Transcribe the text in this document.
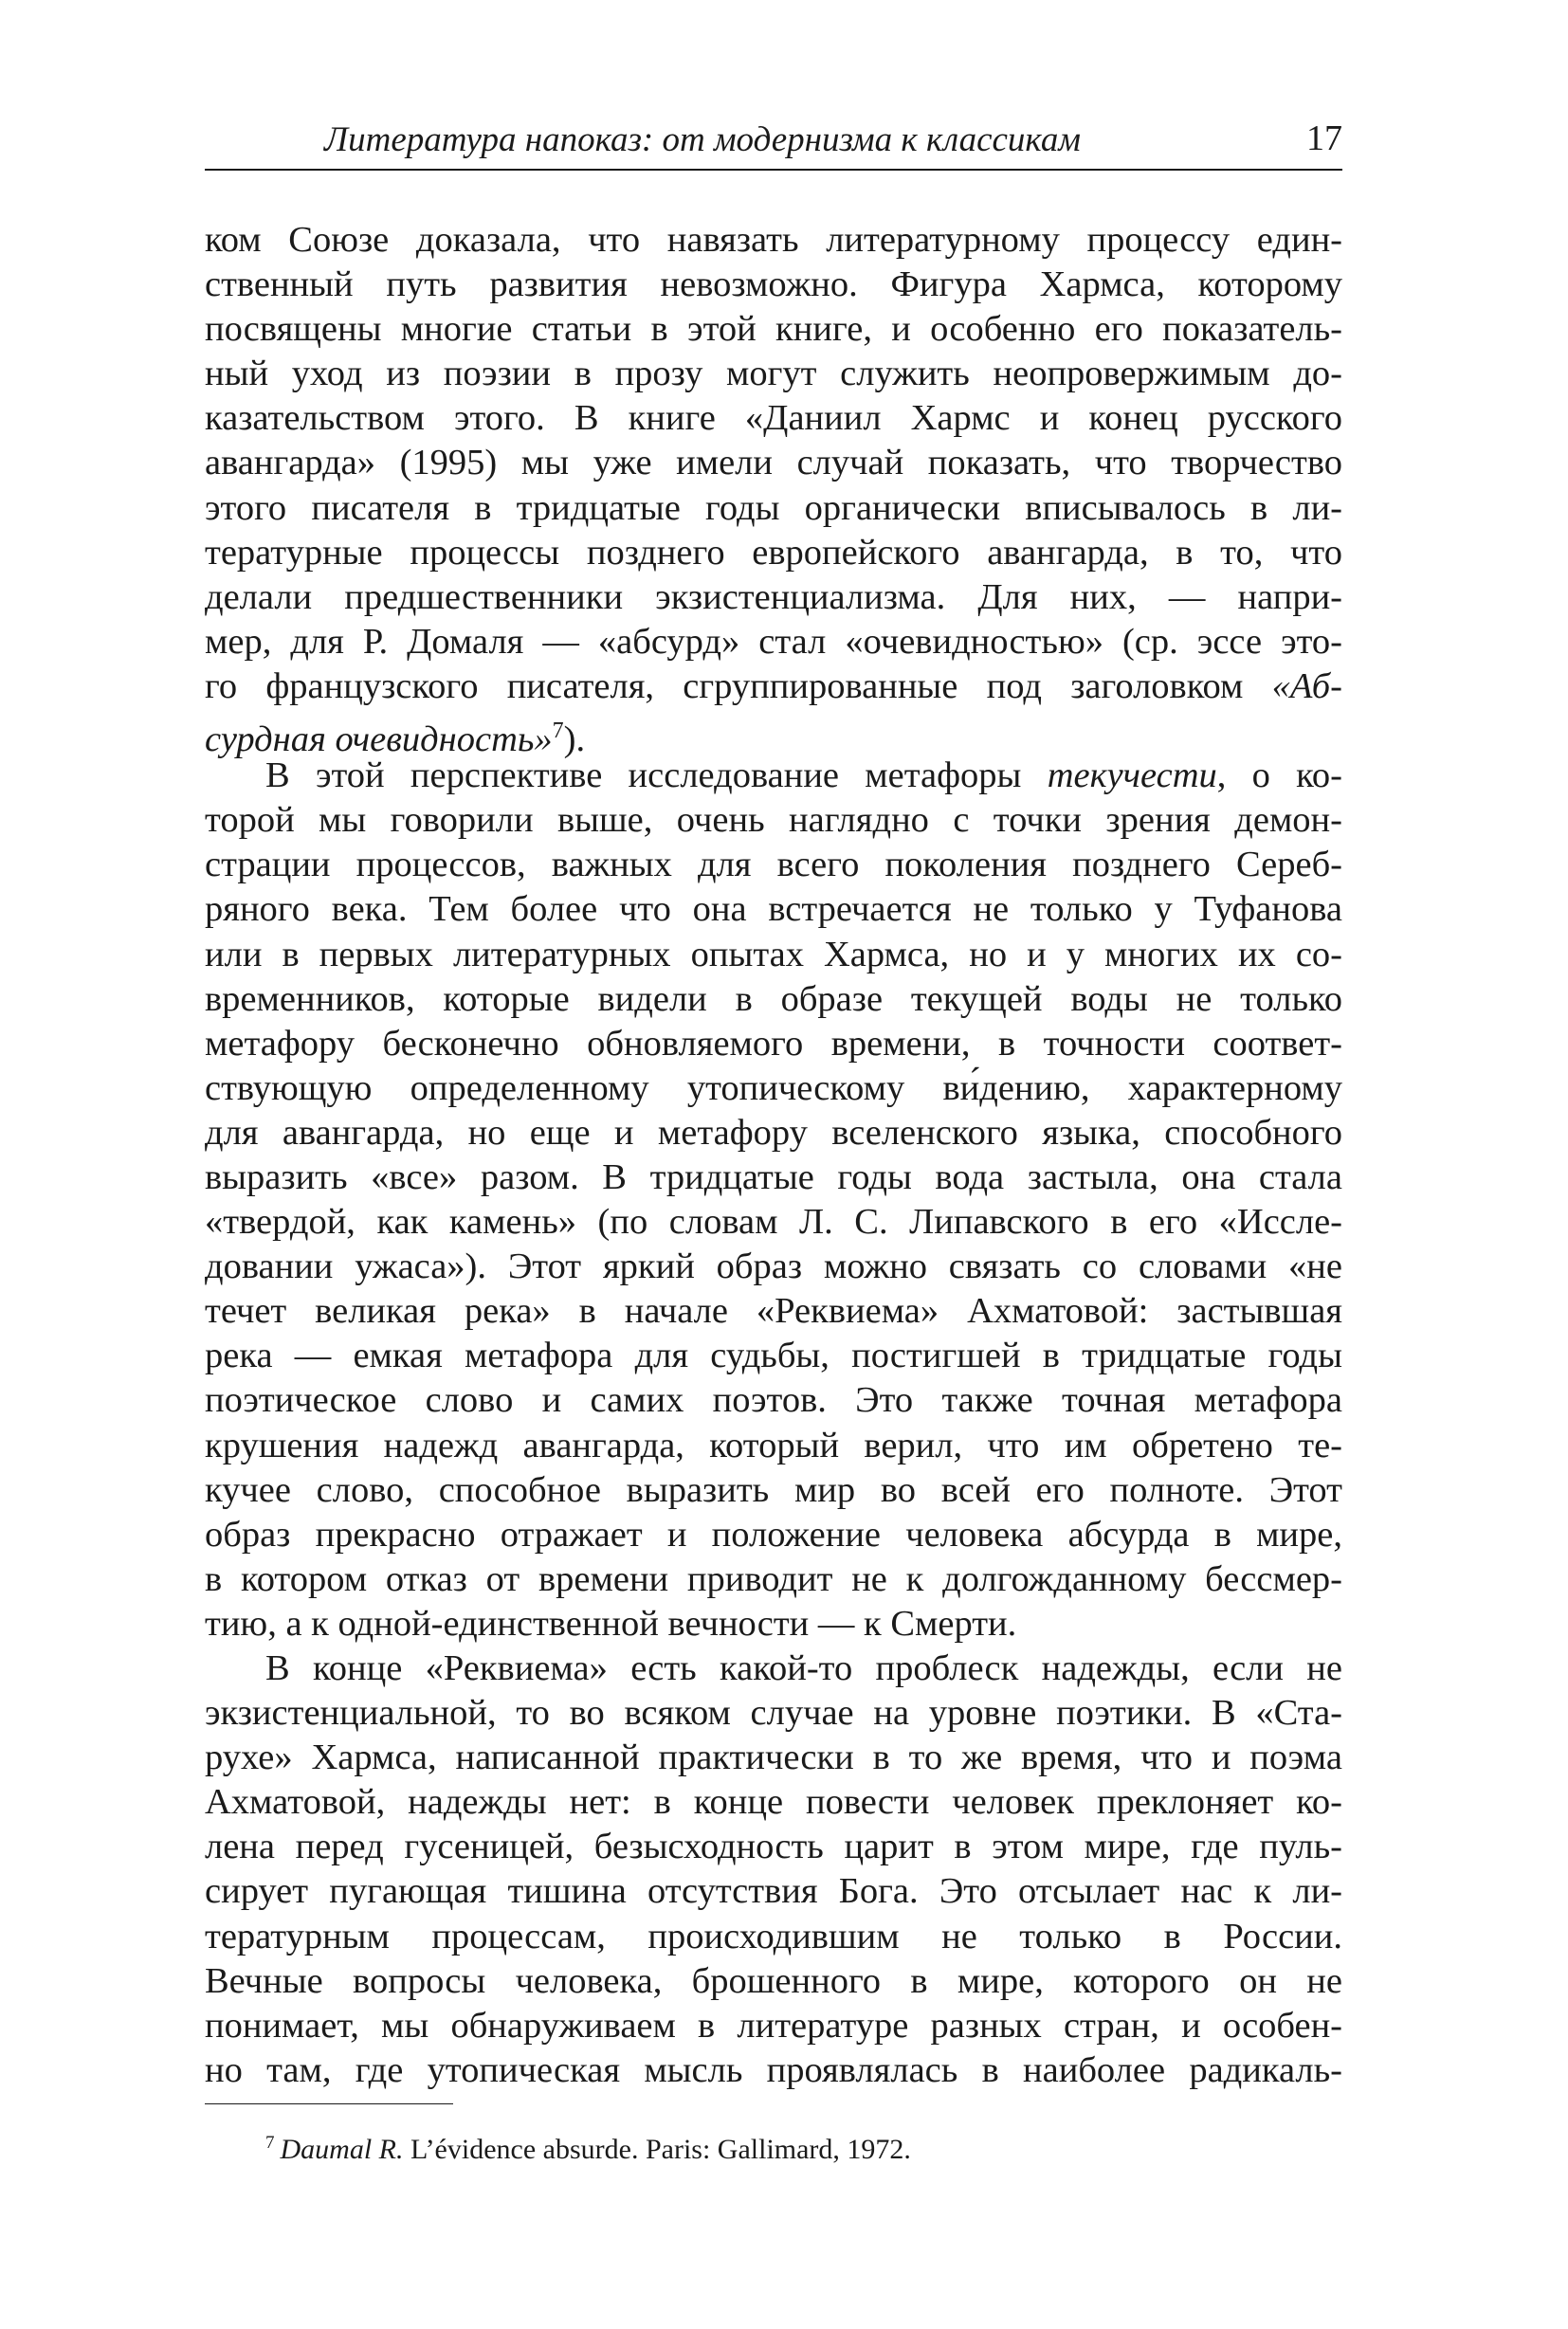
Литература напоказ: от модернизма к классикам	17
ком Союзе доказала, что навязать литературному процессу един-
ственный путь развития невозможно. Фигура Хармса, которому
посвящены многие статьи в этой книге, и особенно его показатель-
ный уход из поэзии в прозу могут служить неопровержимым до-
казательством этого. В книге «Даниил Хармс и конец русского
авангарда» (1995) мы уже имели случай показать, что творчество
этого писателя в тридцатые годы органически вписывалось в ли-
тературные процессы позднего европейского авангарда, в то, что
делали предшественники экзистенциализма. Для них, — напри-
мер, для Р. Домаля — «абсурд» стал «очевидностью» (ср. эссе это-
го французского писателя, сгруппированные под заголовком «Аб-
сурдная очевидность»$^7$).
В этой перспективе исследование метафоры текучести, о ко-
торой мы говорили выше, очень наглядно с точки зрения демон-
страции процессов, важных для всего поколения позднего Сереб-
ряного века. Тем более что она встречается не только у Туфанова
или в первых литературных опытах Хармса, но и у многих их со-
временников, которые видели в образе текущей воды не только
метафору бесконечно обновляемого времени, в точности соответ-
ствующую определенному утопическому ви́дению, характерному
для авангарда, но еще и метафору вселенского языка, способного
выразить «все» разом. В тридцатые годы вода застыла, она стала
«твердой, как камень» (по словам Л. С. Липавского в его «Иссле-
довании ужаса»). Этот яркий образ можно связать со словами «не
течет великая река» в начале «Реквиема» Ахматовой: застывшая
река — емкая метафора для судьбы, постигшей в тридцатые годы
поэтическое слово и самих поэтов. Это также точная метафора
крушения надежд авангарда, который верил, что им обретено те-
кучее слово, способное выразить мир во всей его полноте. Этот
образ прекрасно отражает и положение человека абсурда в мире,
в котором отказ от времени приводит не к долгожданному бессмер-
тию, а к одной-единственной вечности — к Смерти.
В конце «Реквиема» есть какой-то проблеск надежды, если не
экзистенциальной, то во всяком случае на уровне поэтики. В «Ста-
рухе» Хармса, написанной практически в то же время, что и поэма
Ахматовой, надежды нет: в конце повести человек преклоняет ко-
лена перед гусеницей, безысходность царит в этом мире, где пуль-
сирует пугающая тишина отсутствия Бога. Это отсылает нас к ли-
тературным процессам, происходившим не только в России.
Вечные вопросы человека, брошенного в мире, которого он не
понимает, мы обнаруживаем в литературе разных стран, и особен-
но там, где утопическая мысль проявлялась в наиболее радикаль-
$^7$ Daumal R. L’évidence absurde. Paris: Gallimard, 1972.
